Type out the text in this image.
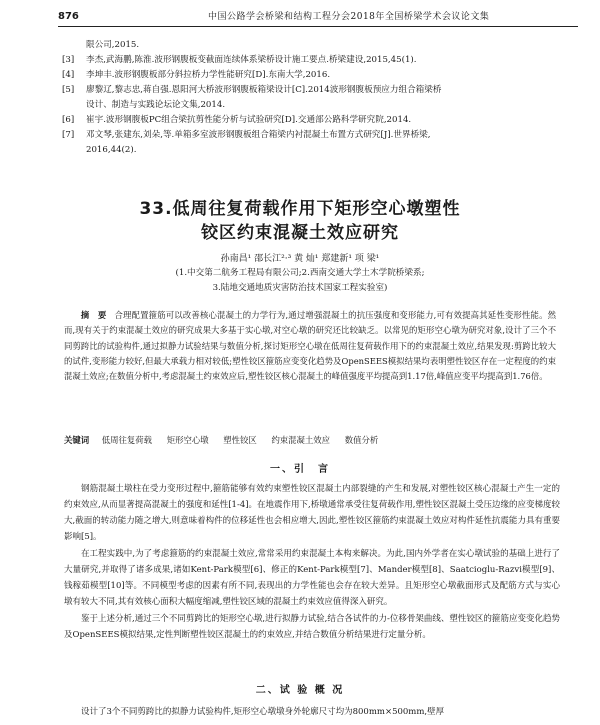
876	中国公路学会桥梁和结构工程分会2018年全国桥梁学术会议论文集
限公司,2015.
[3]	李杰,武海鹏,陈淮.波形钢腹板变截面连续体系梁桥设计施工要点.桥梁建设,2015,45(1).
[4]	李坤丰.波形钢腹板部分斜拉桥力学性能研究[D].东南大学,2016.
[5]	廖黎辽,黎志忠,蒋自强.恩阳河大桥波形钢腹板箱梁设计[C].2014波形钢腹板预应力组合箱梁桥
设计、制造与实践论坛论文集,2014.
[6]	崔宇.波形钢腹板PC组合梁抗剪性能分析与试验研究[D].交通部公路科学研究院,2014.
[7]	邓文琴,张建东,刘朵,等.单箱多室波形钢腹板组合箱梁内衬混凝土布置方式研究[J].世界桥梁,
2016,44(2).
33.低周往复荷载作用下矩形空心墩塑性
铰区约束混凝土效应研究
孙南昌¹ 邵长江²·³ 黄 灿¹ 郑建新¹ 项 梁¹
(1.中交第二航务工程局有限公司;2.西南交通大学土木学院桥梁系;
3.陆地交通地质灾害防治技术国家工程实验室)
摘　要 合理配置箍筋可以改善核心混凝土的力学行为,通过增强混凝土的抗压强度和变形能力,可有效提高其延性变形性能。然而,现有关于约束混凝土效应的研究成果大多基于实心墩,对空心墩的研究还比较缺乏。以常见的矩形空心墩为研究对象,设计了三个不同剪跨比的试验构件,通过拟静力试验结果与数值分析,探讨矩形空心墩在低周往复荷载作用下的约束混凝土效应,结果发现:剪跨比较大的试件,变形能力较好,但最大承载力相对较低;塑性铰区箍筋应变变化趋势及OpenSEES模拟结果均表明塑性铰区存在一定程度的约束混凝土效应;在数值分析中,考虑混凝土约束效应后,塑性铰区核心混凝土的峰值强度平均提高到1.17倍,峰值应变平均提高到1.76倍。
关键词 低周往复荷载 矩形空心墩 塑性铰区 约束混凝土效应 数值分析
一、引　言
钢筋混凝土墩柱在受力变形过程中,箍筋能够有效约束塑性铰区混凝土内部裂缝的产生和发展,对塑性铰区核心混凝土产生一定的约束效应,从而显著提高混凝土的强度和延性[1-4]。在地震作用下,桥墩通常承受往复荷载作用,塑性铰区混凝土受压边缘的应变梯度较大,截面的转动能力随之增大,则意味着构件的位移延性也会相应增大,因此,塑性铰区箍筋约束混凝土效应对构件延性抗震能力具有重要影响[5]。
在工程实践中,为了考虑箍筋的约束混凝土效应,常常采用约束混凝土本构来解决。为此,国内外学者在实心墩试验的基础上进行了大量研究,并取得了诸多成果,诸如Kent-Park模型[6]、修正的Kent-Park模型[7]、Mander模型[8]、Saatcioglu-Razvi模型[9]、钱稼茹模型[10]等。不同模型考虑的因素有所不同,表现出的力学性能也会存在较大差异。且矩形空心墩截面形式及配筋方式与实心墩有较大不同,其有效核心面积大幅度缩减,塑性铰区域的混凝土约束效应值得深入研究。
鉴于上述分析,通过三个不同剪跨比的矩形空心墩,进行拟静力试验,结合各试件的力-位移骨架曲线、塑性铰区的箍筋应变变化趋势及OpenSEES模拟结果,定性判断塑性铰区混凝土的约束效应,并结合数值分析结果进行定量分析。
二、试 验 概 况
设计了3个不同剪跨比的拟静力试验构件,矩形空心墩墩身外轮廓尺寸均为800mm×500mm,壁厚
